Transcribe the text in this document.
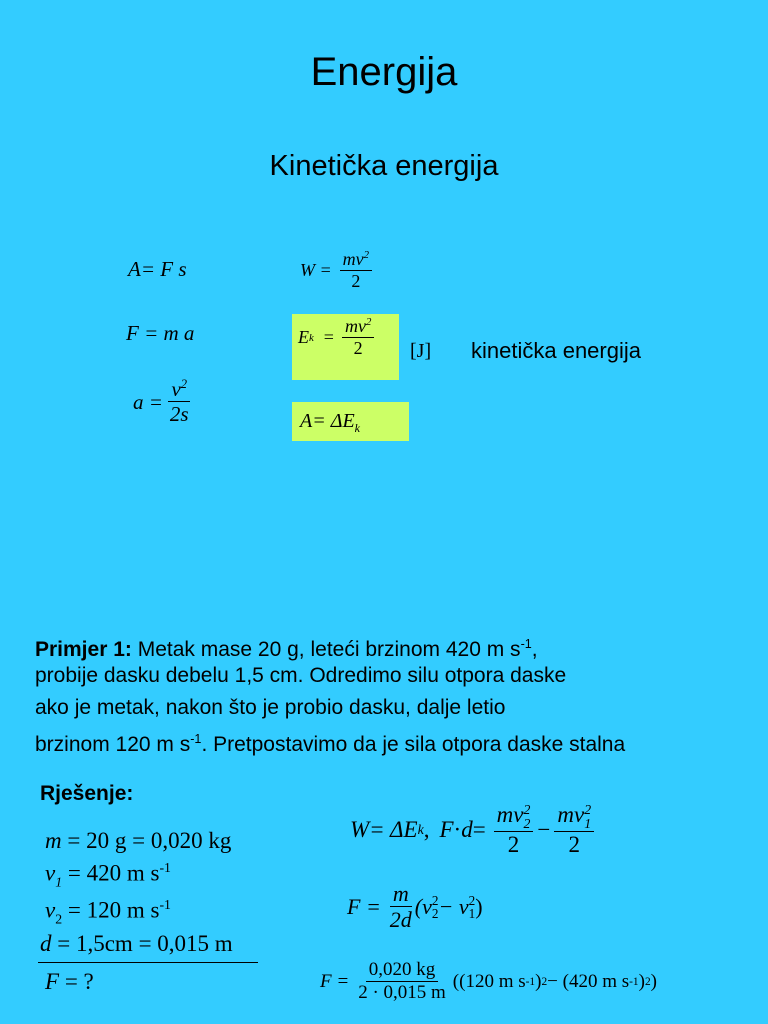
Energija
Kinetička energija
A= F s
F = m a
$a = \frac{v^2}{2s}$
$W = \frac{mv^2}{2}$
E $k = \frac{mv^2}{2} [J]$ kinetička energija
$A= \Delta E_k$
Primjer 1: Metak mase 20 g, leteći brzinom 420 m $s^{-1}$,
probije dasku debelu 1,5 cm. Odredimo silu otpora daske
ako je metak, nakon što je probio dasku, dalje letio
brzinom 120 m $s^{-1}$. Pretpostavimo da je sila otpora daske stalna
Rješenje:
m = 20 g = 0,020 kg
$v_1 = 420$ m $s^{-1}$
$v_2 = 120$ m $s^{-1}$
d = 1,5cm = 0,015 m
F = ?
W = ΔE k , F · d = mv 2
2
2 − mv 2
1
2
$F = \frac{m}{2d} (v$ 2
2 − v 2
1 )
$F = \frac{0,020 kg}{2 \cdot 0,015 m} ((120$ m s -1 ) 2 − (420 m s -1 ) 2 )
